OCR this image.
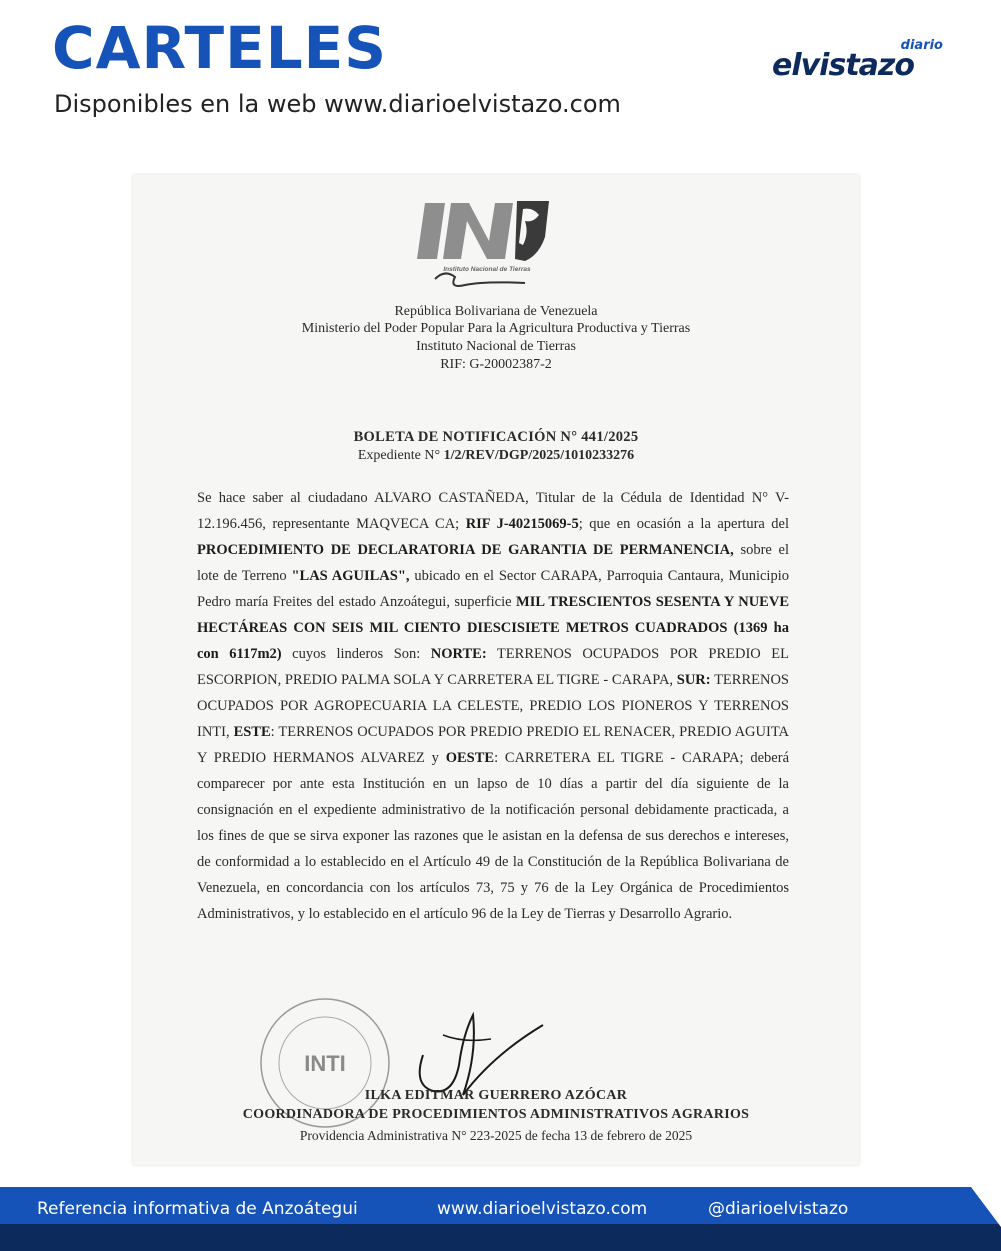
CARTELES
Disponibles en la web www.diarioelvistazo.com
diario
elvistazo
Instituto Nacional de Tierras
República Bolivariana de Venezuela
Ministerio del Poder Popular Para la Agricultura Productiva y Tierras
Instituto Nacional de Tierras
RIF: G-20002387-2
BOLETA DE NOTIFICACIÓN N° 441/2025
Expediente N° 1/2/REV/DGP/2025/1010233276
Se hace saber al ciudadano ALVARO CASTAÑEDA, Titular de la Cédula de Identidad N° V-12.196.456, representante MAQVECA CA; RIF J-40215069-5; que en ocasión a la apertura del PROCEDIMIENTO DE DECLARATORIA DE GARANTIA DE PERMANENCIA, sobre el lote de Terreno "LAS AGUILAS", ubicado en el Sector CARAPA, Parroquia Cantaura, Municipio Pedro maría Freites del estado Anzoátegui, superficie MIL TRESCIENTOS SESENTA Y NUEVE HECTÁREAS CON SEIS MIL CIENTO DIESCISIETE METROS CUADRADOS (1369 ha con 6117m2) cuyos linderos Son: NORTE: TERRENOS OCUPADOS POR PREDIO EL ESCORPION, PREDIO PALMA SOLA Y CARRETERA EL TIGRE - CARAPA, SUR: TERRENOS OCUPADOS POR AGROPECUARIA LA CELESTE, PREDIO LOS PIONEROS Y TERRENOS INTI, ESTE: TERRENOS OCUPADOS POR PREDIO PREDIO EL RENACER, PREDIO AGUITA Y PREDIO HERMANOS ALVAREZ y OESTE: CARRETERA EL TIGRE - CARAPA; deberá comparecer por ante esta Institución en un lapso de 10 días a partir del día siguiente de la consignación en el expediente administrativo de la notificación personal debidamente practicada, a los fines de que se sirva exponer las razones que le asistan en la defensa de sus derechos e intereses, de conformidad a lo establecido en el Artículo 49 de la Constitución de la República Bolivariana de Venezuela, en concordancia con los artículos 73, 75 y 76 de la Ley Orgánica de Procedimientos Administrativos, y lo establecido en el artículo 96 de la Ley de Tierras y Desarrollo Agrario.
INTI
ILKA EDITMAR GUERRERO AZÓCAR
COORDINADORA DE PROCEDIMIENTOS ADMINISTRATIVOS AGRARIOS
Providencia Administrativa N° 223-2025 de fecha 13 de febrero de 2025
Referencia informativa de Anzoátegui	www.diarioelvistazo.com	@diarioelvistazo
